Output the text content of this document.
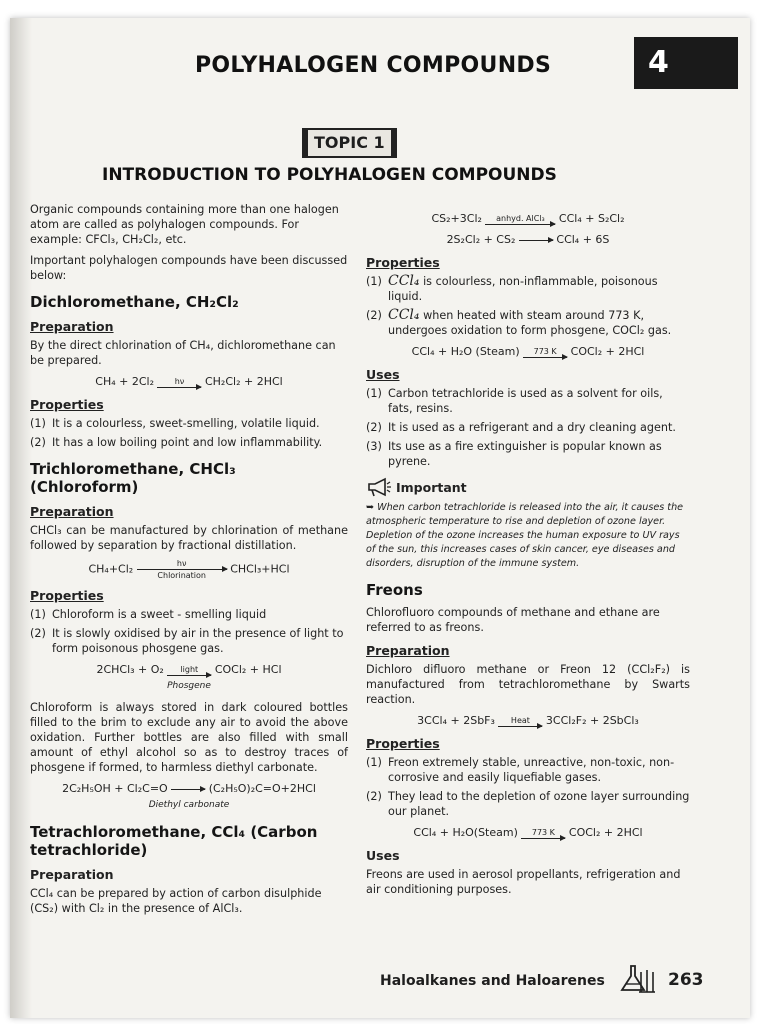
POLYHALOGEN COMPOUNDS	4
TOPIC 1
INTRODUCTION TO POLYHALOGEN COMPOUNDS

Organic compounds containing more than one halogen atom are called as polyhalogen compounds. For example: CFCl₃, CH₂Cl₂, etc.

Important polyhalogen compounds have been discussed below:

Dichloromethane, CH₂Cl₂
Preparation

By the direct chlorination of CH₄, dichloromethane can be prepared.

CH₄ + 2Cl₂	hν	CH₂Cl₂ + 2HCl
Properties
(1) It is a colourless, sweet-smelling, volatile liquid.
(2) It has a low boiling point and low inflammability.
Trichloromethane, CHCl₃ (Chloroform)
Preparation

CHCl₃ can be manufactured by chlorination of methane followed by separation by fractional distillation.

CH₄+Cl₂	hν
Chlorination	CHCl₃+HCl
Properties
(1) Chloroform is a sweet - smelling liquid
(2) It is slowly oxidised by air in the presence of light to form poisonous phosgene gas.
2CHCl₃ + O₂	light	COCl₂ + HCl
Phosgene

Chloroform is always stored in dark coloured bottles filled to the brim to exclude any air to avoid the above oxidation. Further bottles are also filled with small amount of ethyl alcohol so as to destroy traces of phosgene if formed, to harmless diethyl carbonate.

2C₂H₅OH + Cl₂C=O → (C₂H₅O)₂C=O+2HCl
Diethyl carbonate
Tetrachloromethane, CCl₄ (Carbon tetrachloride)
Preparation

CCl₄ can be prepared by action of carbon disulphide (CS₂) with Cl₂ in the presence of AlCl₃.

CS₂+3Cl₂	anhyd. AlCl₃	CCl₄ + S₂Cl₂
2S₂Cl₂ + CS₂ → CCl₄ + 6S
Properties
(1) CCl₄ is colourless, non-inflammable, poisonous liquid.
(2) CCl₄ when heated with steam around 773 K, undergoes oxidation to form phosgene, COCl₂ gas.
CCl₄ + H₂O (Steam)	773 K	COCl₂ + 2HCl
Uses
(1) Carbon tetrachloride is used as a solvent for oils, fats, resins.
(2) It is used as a refrigerant and a dry cleaning agent.
(3) Its use as a fire extinguisher is popular known as pyrene.
Important
➥ When carbon tetrachloride is released into the air, it causes the atmospheric temperature to rise and depletion of ozone layer. Depletion of the ozone increases the human exposure to UV rays of the sun, this increases cases of skin cancer, eye diseases and disorders, disruption of the immune system.
Freons

Chlorofluoro compounds of methane and ethane are referred to as freons.

Preparation

Dichloro difluoro methane or Freon 12 (CCl₂F₂) is manufactured from tetrachloromethane by Swarts reaction.

3CCl₄ + 2SbF₃	Heat	3CCl₂F₂ + 2SbCl₃
Properties
(1) Freon extremely stable, unreactive, non-toxic, non-corrosive and easily liquefiable gases.
(2) They lead to the depletion of ozone layer surrounding our planet.
CCl₄ + H₂O(Steam)	773 K	COCl₂ + 2HCl
Uses

Freons are used in aerosol propellants, refrigeration and air conditioning purposes.

Haloalkanes and Haloarenes	263
